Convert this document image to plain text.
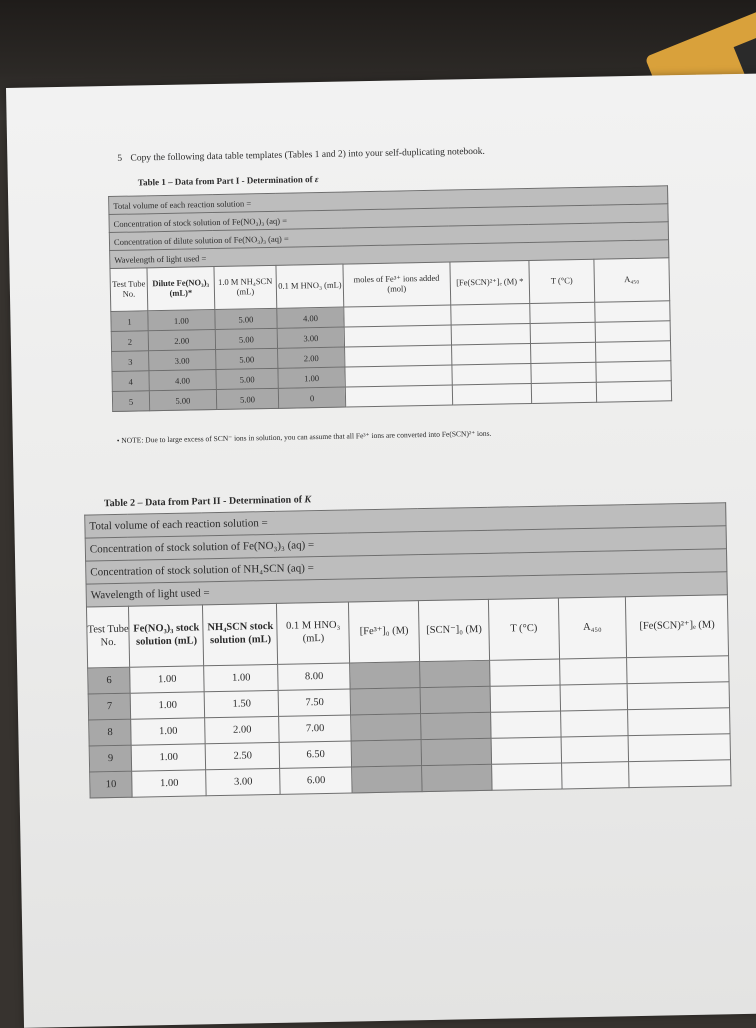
5 Copy the following data table templates (Tables 1 and 2) into your self-duplicating notebook.
Table 1 – Data from Part I - Determination of ε
Total volume of each reaction solution =							
Concentration of stock solution of Fe(NO₃)₃ (aq) =							
Concentration of dilute solution of Fe(NO₃)₃ (aq) =							
Wavelength of light used =							
Test Tube No.	Dilute Fe(NO₃)₃ (mL)*	1.0 M NH₄SCN (mL)	0.1 M HNO₃ (mL)	moles of Fe³⁺ ions added (mol)	[Fe(SCN)²⁺]ₑ (M) *	T (°C)	A₄₅₀
1	1.00	5.00	4.00				
2	2.00	5.00	3.00				
3	3.00	5.00	2.00				
4	4.00	5.00	1.00				
5	5.00	5.00	0				
• NOTE: Due to large excess of SCN⁻ ions in solution, you can assume that all Fe³⁺ ions are converted into Fe(SCN)²⁺ ions.
Table 2 – Data from Part II - Determination of K
Total volume of each reaction solution =								
Concentration of stock solution of Fe(NO₃)₃ (aq) =								
Concentration of stock solution of NH₄SCN (aq) =								
Wavelength of light used =								
Test Tube No.	Fe(NO₃)₃ stock solution (mL)	NH₄SCN stock solution (mL)	0.1 M HNO₃ (mL)	[Fe³⁺]₀ (M)	[SCN⁻]₀ (M)	T (°C)	A₄₅₀	[Fe(SCN)²⁺]ₑ (M)
6	1.00	1.00	8.00					
7	1.00	1.50	7.50					
8	1.00	2.00	7.00					
9	1.00	2.50	6.50					
10	1.00	3.00	6.00					
